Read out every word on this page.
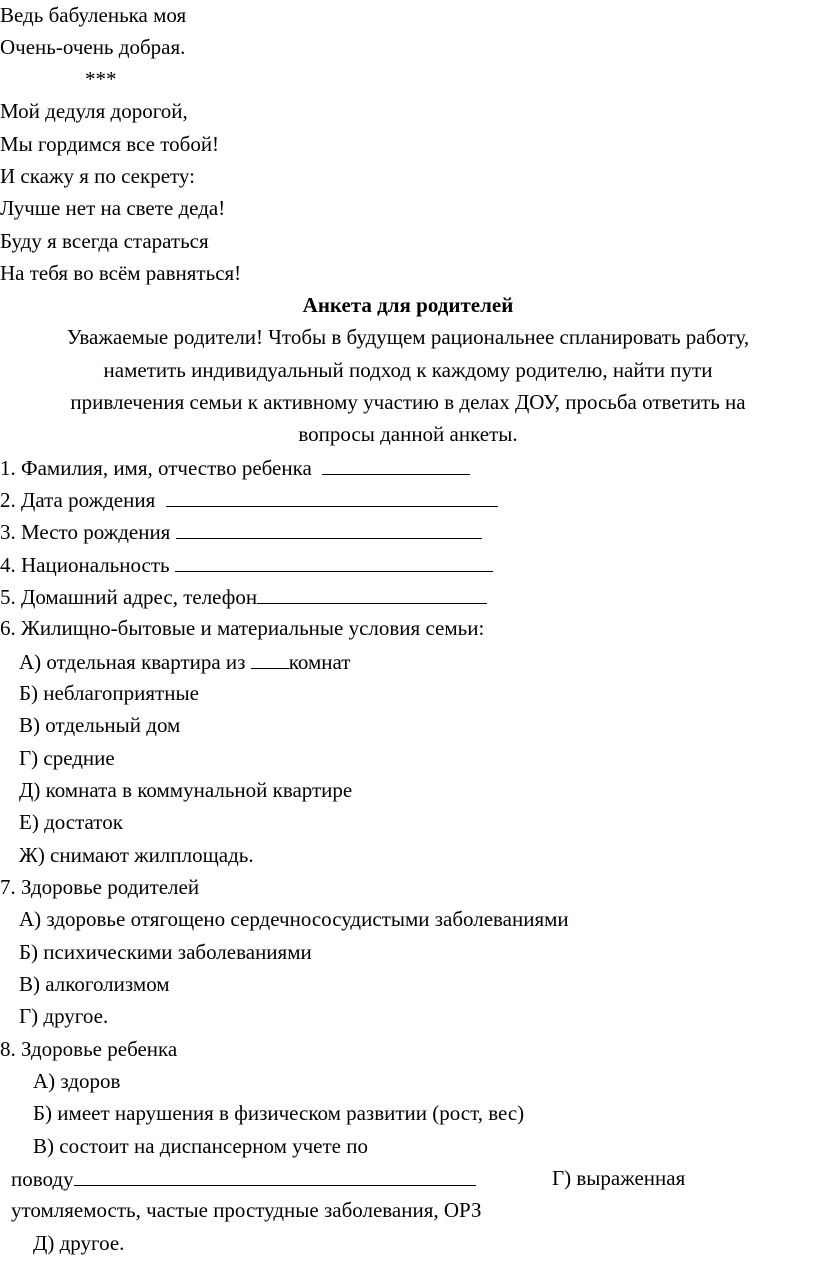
Ведь бабуленька моя
Очень-очень добрая.
***
Мой дедуля дорогой,
Мы гордимся все тобой!
И скажу я по секрету:
Лучше нет на свете деда!
Буду я всегда стараться
На тебя во всём равняться!
Анкета для родителей
Уважаемые родители! Чтобы в будущем рациональнее спланировать работу,
наметить индивидуальный подход к каждому родителю, найти пути
привлечения семьи к активному участию в делах ДОУ, просьба ответить на
вопросы данной анкеты.
1. Фамилия, имя, отчество ребенка
2. Дата рождения
3. Место рождения
4. Национальность
5. Домашний адрес, телефон
6. Жилищно-бытовые и материальные условия семьи:
А) отдельная квартира из комнат
Б) неблагоприятные
В) отдельный дом
Г) средние
Д) комната в коммунальной квартире
Е) достаток
Ж) снимают жилплощадь.
7. Здоровье родителей
А) здоровье отягощено сердечнососудистыми заболеваниями
Б) психическими заболеваниями
В) алкоголизмом
Г) другое.
8. Здоровье ребенка
А) здоров
Б) имеет нарушения в физическом развитии (рост, вес)
В) состоит на диспансерном учете по
поводу	Г) выраженная
утомляемость, частые простудные заболевания, ОРЗ
Д) другое.
